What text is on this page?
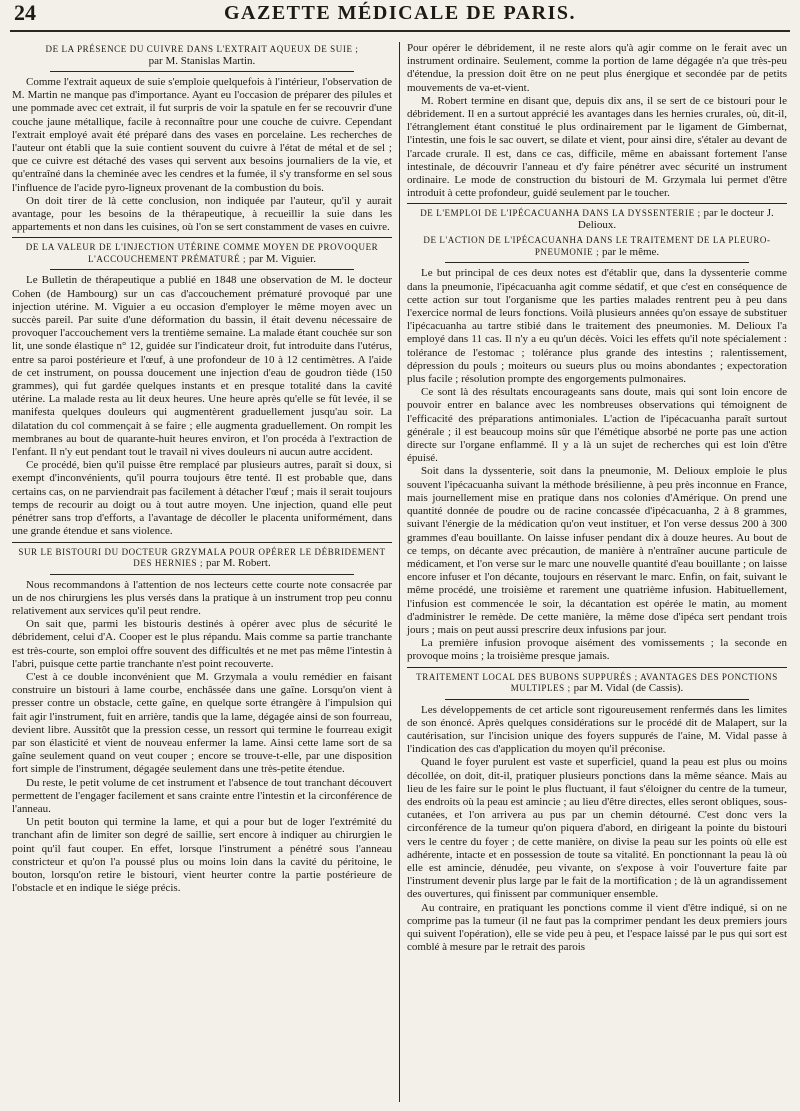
24	GAZETTE MÉDICALE DE PARIS.
DE LA PRÉSENCE DU CUIVRE DANS L'EXTRAIT AQUEUX DE SUIE ;
par M. Stanislas Martin.

Comme l'extrait aqueux de suie s'emploie quelquefois à l'intérieur, l'observation de M. Martin ne manque pas d'importance. Ayant eu l'occasion de préparer des pilules et une pommade avec cet extrait, il fut surpris de voir la spatule en fer se recouvrir d'une couche jaune métallique, facile à reconnaître pour une couche de cuivre. Cependant l'extrait employé avait été préparé dans des vases en porcelaine. Les recherches de l'auteur ont établi que la suie contient souvent du cuivre à l'état de métal et de sel ; que ce cuivre est détaché des vases qui servent aux besoins journaliers de la vie, et qu'entraîné dans la cheminée avec les cendres et la fumée, il s'y transforme en sel sous l'influence de l'acide pyro-ligneux provenant de la combustion du bois.

On doit tirer de là cette conclusion, non indiquée par l'auteur, qu'il y aurait avantage, pour les besoins de la thérapeutique, à recueillir la suie dans les appartements et non dans les cuisines, où l'on se sert constamment de vases en cuivre.

DE LA VALEUR DE L'INJECTION UTÉRINE COMME MOYEN DE PROVOQUER L'ACCOUCHEMENT PRÉMATURÉ ; par M. Viguier.

Le Bulletin de thérapeutique a publié en 1848 une observation de M. le docteur Cohen (de Hambourg) sur un cas d'accouchement prématuré provoqué par une injection utérine. M. Viguier a eu occasion d'employer le même moyen avec un succès pareil. Par suite d'une déformation du bassin, il était devenu nécessaire de provoquer l'accouchement vers la trentième semaine. La malade étant couchée sur son lit, une sonde élastique n° 12, guidée sur l'indicateur droit, fut introduite dans l'utérus, entre sa paroi postérieure et l'œuf, à une profondeur de 10 à 12 centimètres. A l'aide de cet instrument, on poussa doucement une injection d'eau de goudron tiède (150 grammes), qui fut gardée quelques instants et en presque totalité dans la cavité utérine. La malade resta au lit deux heures. Une heure après qu'elle se fût levée, il se manifesta quelques douleurs qui augmentèrent graduellement jusqu'au soir. La dilatation du col commençait à se faire ; elle augmenta graduellement. On rompit les membranes au bout de quarante-huit heures environ, et l'on procéda à l'extraction de l'enfant. Il n'y eut pendant tout le travail ni vives douleurs ni aucun autre accident.

Ce procédé, bien qu'il puisse être remplacé par plusieurs autres, paraît si doux, si exempt d'inconvénients, qu'il pourra toujours être tenté. Il est probable que, dans certains cas, on ne parviendrait pas facilement à détacher l'œuf ; mais il serait toujours temps de recourir au doigt ou à tout autre moyen. Une injection, quand elle peut pénétrer sans trop d'efforts, a l'avantage de décoller le placenta uniformément, dans une grande étendue et sans violence.

SUR LE BISTOURI DU DOCTEUR GRZYMALA POUR OPÉRER LE DÉBRIDEMENT DES HERNIES ; par M. Robert.

Nous recommandons à l'attention de nos lecteurs cette courte note consacrée par un de nos chirurgiens les plus versés dans la pratique à un instrument trop peu connu relativement aux services qu'il peut rendre.

On sait que, parmi les bistouris destinés à opérer avec plus de sécurité le débridement, celui d'A. Cooper est le plus répandu. Mais comme sa partie tranchante est très-courte, son emploi offre souvent des difficultés et ne met pas même l'intestin à l'abri, puisque cette partie tranchante n'est point recouverte.

C'est à ce double inconvénient que M. Grzymala a voulu remédier en faisant construire un bistouri à lame courbe, enchâssée dans une gaîne. Lorsqu'on vient à presser contre un obstacle, cette gaîne, en quelque sorte étrangère à l'impulsion qui fait agir l'instrument, fuit en arrière, tandis que la lame, dégagée ainsi de son fourreau, devient libre. Aussitôt que la pression cesse, un ressort qui termine le fourreau exigit par son élasticité et vient de nouveau enfermer la lame. Ainsi cette lame sort de sa gaîne seulement quand on veut couper ; encore se trouve-t-elle, par une disposition fort simple de l'instrument, dégagée seulement dans une très-petite étendue.

Du reste, le petit volume de cet instrument et l'absence de tout tranchant découvert permettent de l'engager facilement et sans crainte entre l'intestin et la circonférence de l'anneau.

Un petit bouton qui termine la lame, et qui a pour but de loger l'extrémité du tranchant afin de limiter son degré de saillie, sert encore à indiquer au chirurgien le point qu'il faut couper. En effet, lorsque l'instrument a pénétré sous l'anneau constricteur et qu'on l'a poussé plus ou moins loin dans la cavité du péritoine, le bouton, lorsqu'on retire le bistouri, vient heurter contre la partie postérieure de l'obstacle et en indique le siége précis.

Pour opérer le débridement, il ne reste alors qu'à agir comme on le ferait avec un instrument ordinaire. Seulement, comme la portion de lame dégagée n'a que très-peu d'étendue, la pression doit être on ne peut plus énergique et secondée par de petits mouvements de va-et-vient.

M. Robert termine en disant que, depuis dix ans, il se sert de ce bistouri pour le débridement. Il en a surtout apprécié les avantages dans les hernies crurales, où, dit-il, l'étranglement étant constitué le plus ordinairement par le ligament de Gimbernat, l'intestin, une fois le sac ouvert, se dilate et vient, pour ainsi dire, s'étaler au devant de l'arcade crurale. Il est, dans ce cas, difficile, même en abaissant fortement l'anse intestinale, de découvrir l'anneau et d'y faire pénétrer avec sécurité un instrument ordinaire. Le mode de construction du bistouri de M. Grzymala lui permet d'être introduit à cette profondeur, guidé seulement par le toucher.

DE L'EMPLOI DE L'IPÉCACUANHA DANS LA DYSSENTERIE ; par le docteur J. Delioux.
DE L'ACTION DE L'IPÉCACUANHA DANS LE TRAITEMENT DE LA PLEURO-PNEUMONIE ; par le même.

Le but principal de ces deux notes est d'établir que, dans la dyssenterie comme dans la pneumonie, l'ipécacuanha agit comme sédatif, et que c'est en conséquence de cette action sur tout l'organisme que les parties malades rentrent peu à peu dans l'exercice normal de leurs fonctions. Voilà plusieurs années qu'on essaye de substituer l'ipécacuanha au tartre stibié dans le traitement des pneumonies. M. Delioux l'a employé dans 11 cas. Il n'y a eu qu'un décès. Voici les effets qu'il note spécialement : tolérance de l'estomac ; tolérance plus grande des intestins ; ralentissement, dépression du pouls ; moiteurs ou sueurs plus ou moins abondantes ; expectoration plus facile ; résolution prompte des engorgements pulmonaires.

Ce sont là des résultats encourageants sans doute, mais qui sont loin encore de pouvoir entrer en balance avec les nombreuses observations qui témoignent de l'efficacité des préparations antimoniales. L'action de l'ipécacuanha paraît surtout générale ; il est beaucoup moins sûr que l'émétique absorbé ne porte pas une action directe sur l'organe enflammé. Il y a là un sujet de recherches qui est loin d'être épuisé.

Soit dans la dyssenterie, soit dans la pneumonie, M. Delioux emploie le plus souvent l'ipécacuanha suivant la méthode brésilienne, à peu près inconnue en France, mais journellement mise en pratique dans nos colonies d'Amérique. On prend une quantité donnée de poudre ou de racine concassée d'ipécacuanha, 2 à 8 grammes, suivant l'énergie de la médication qu'on veut instituer, et l'on verse dessus 200 à 300 grammes d'eau bouillante. On laisse infuser pendant dix à douze heures. Au bout de ce temps, on décante avec précaution, de manière à n'entraîner aucune particule de médicament, et l'on verse sur le marc une nouvelle quantité d'eau bouillante ; on laisse encore infuser et l'on décante, toujours en réservant le marc. Enfin, on fait, suivant le même procédé, une troisième et rarement une quatrième infusion. Habituellement, l'infusion est commencée le soir, la décantation est opérée le matin, au moment d'administrer le remède. De cette manière, la même dose d'ipéca sert pendant trois jours ; mais on peut aussi prescrire deux infusions par jour.

La première infusion provoque aisément des vomissements ; la seconde en provoque moins ; la troisième presque jamais.

TRAITEMENT LOCAL DES BUBONS SUPPURÉS ; AVANTAGES DES PONCTIONS MULTIPLES ; par M. Vidal (de Cassis).

Les développements de cet article sont rigoureusement renfermés dans les limites de son énoncé. Après quelques considérations sur le procédé dit de Malapert, sur la cautérisation, sur l'incision unique des foyers suppurés de l'aine, M. Vidal passe à l'indication des cas d'application du moyen qu'il préconise.

Quand le foyer purulent est vaste et superficiel, quand la peau est plus ou moins décollée, on doit, dit-il, pratiquer plusieurs ponctions dans la même séance. Mais au lieu de les faire sur le point le plus fluctuant, il faut s'éloigner du centre de la tumeur, des endroits où la peau est amincie ; au lieu d'être directes, elles seront obliques, sous-cutanées, et l'on arrivera au pus par un chemin détourné. C'est donc vers la circonférence de la tumeur qu'on piquera d'abord, en dirigeant la pointe du bistouri vers le centre du foyer ; de cette manière, on divise la peau sur les points où elle est adhérente, intacte et en possession de toute sa vitalité. En ponctionnant la peau là où elle est amincie, dénudée, peu vivante, on s'expose à voir l'ouverture faite par l'instrument devenir plus large par le fait de la mortification ; de là un agrandissement des ouvertures, qui finissent par communiquer ensemble.

Au contraire, en pratiquant les ponctions comme il vient d'être indiqué, si on ne comprime pas la tumeur (il ne faut pas la comprimer pendant les deux premiers jours qui suivent l'opération), elle se vide peu à peu, et l'espace laissé par le pus qui sort est comblé à mesure par le retrait des parois
